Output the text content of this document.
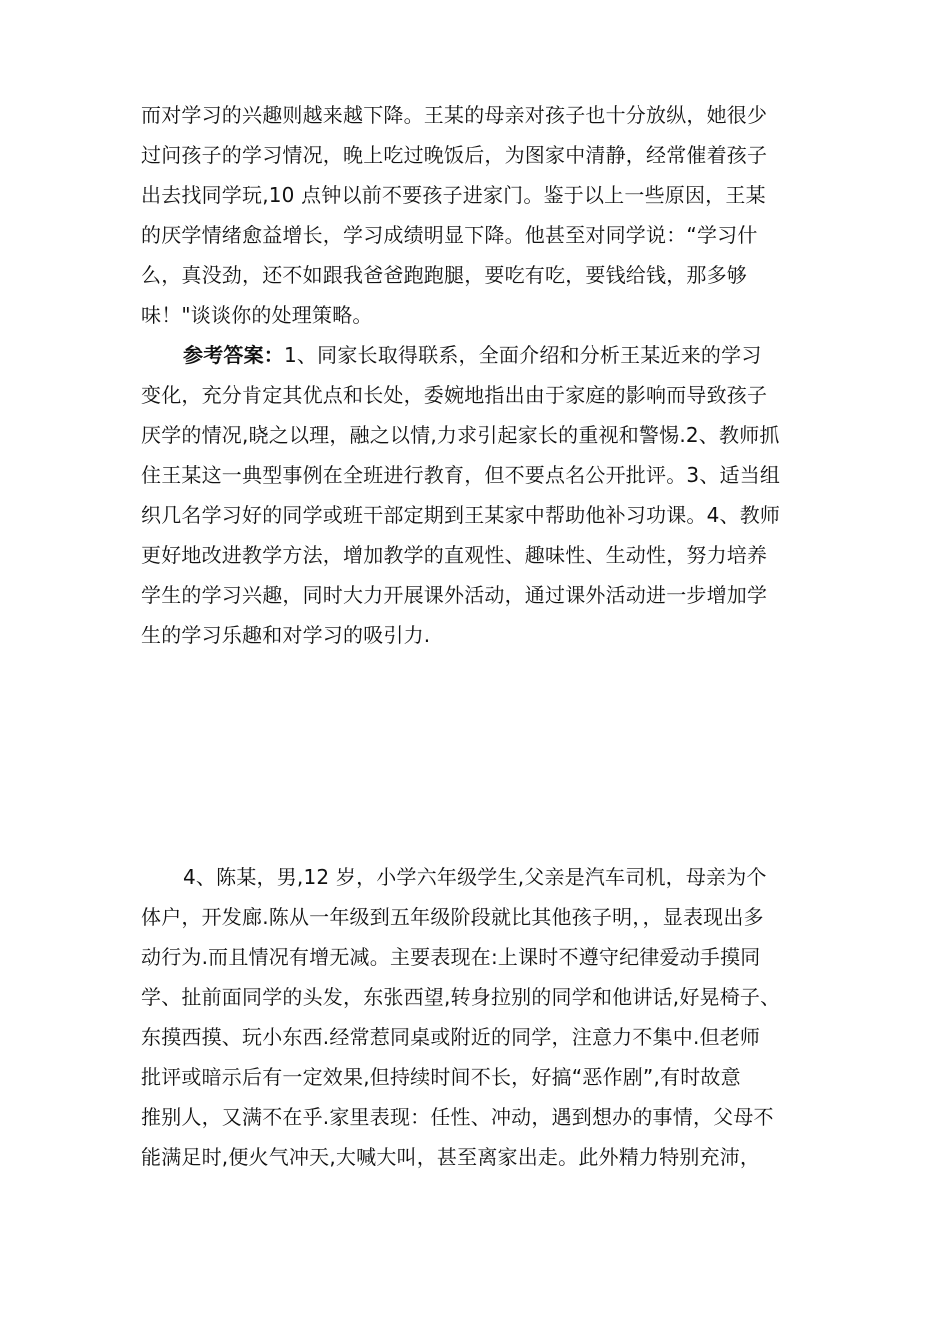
而对学习的兴趣则越来越下降。王某的母亲对孩子也十分放纵，她很少
过问孩子的学习情况，晚上吃过晚饭后，为图家中清静，经常催着孩子
出去找同学玩,10 点钟以前不要孩子进家门。鉴于以上一些原因，王某
的厌学情绪愈益增长，学习成绩明显下降。他甚至对同学说：“学习什
么，真没劲，还不如跟我爸爸跑跑腿，要吃有吃，要钱给钱，那多够
味！"谈谈你的处理策略。
参考答案：1、同家长取得联系，全面介绍和分析王某近来的学习
变化，充分肯定其优点和长处，委婉地指出由于家庭的影响而导致孩子
厌学的情况,晓之以理，融之以情,力求引起家长的重视和警惕.2、教师抓
住王某这一典型事例在全班进行教育，但不要点名公开批评。3、适当组
织几名学习好的同学或班干部定期到王某家中帮助他补习功课。4、教师
更好地改进教学方法，增加教学的直观性、趣味性、生动性，努力培养
学生的学习兴趣，同时大力开展课外活动，通过课外活动进一步增加学
生的学习乐趣和对学习的吸引力.
4、陈某，男,12 岁，小学六年级学生,父亲是汽车司机，母亲为个
体户，开发廊.陈从一年级到五年级阶段就比其他孩子明，，显表现出多
动行为.而且情况有增无减。主要表现在:上课时不遵守纪律爱动手摸同
学、扯前面同学的头发，东张西望,转身拉别的同学和他讲话,好晃椅子、
东摸西摸、玩小东西.经常惹同桌或附近的同学，注意力不集中.但老师
批评或暗示后有一定效果,但持续时间不长，好搞“恶作剧”,有时故意
推别人，又满不在乎.家里表现：任性、冲动，遇到想办的事情，父母不
能满足时,便火气冲天,大喊大叫，甚至离家出走。此外精力特别充沛，
